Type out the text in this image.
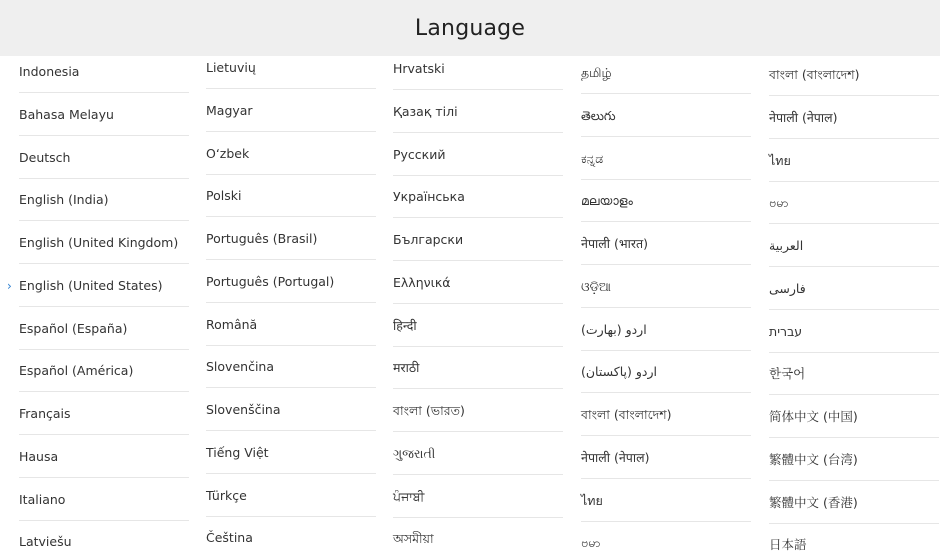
Language
Indonesia
Bahasa Melayu
Deutsch
English (India)
English (United Kingdom)
› English (United States)
Español (España)
Español (América)
Français
Hausa
Italiano
Latviešu
Lietuvių
Magyar
O‘zbek
Polski
Português (Brasil)
Português (Portugal)
Română
Slovenčina
Slovenščina
Tiếng Việt
Türkçe
Čeština
Hrvatski
Қазақ тілі
Русский
Українська
Български
Ελληνικά
हिन्दी
मराठी
বাংলা (ভারত)
ગુજરાતી
ਪੰਜਾਬੀ
অসমীয়া
தமிழ்
తెలుగు
ಕನ್ನಡ
മലയാളം
नेपाली (भारत)
ଓଡ଼ିଆ
اردو (بھارت)
اردو (پاکستان)
বাংলা (বাংলাদেশ)
नेपाली (नेपाल)
ไทย
ဗမာ
বাংলা (বাংলাদেশ)
नेपाली (नेपाल)
ไทย
ဗမာ
العربية
فارسی
עברית
한국어
简体中文 (中国)
繁體中文 (台湾)
繁體中文 (香港)
日本語
